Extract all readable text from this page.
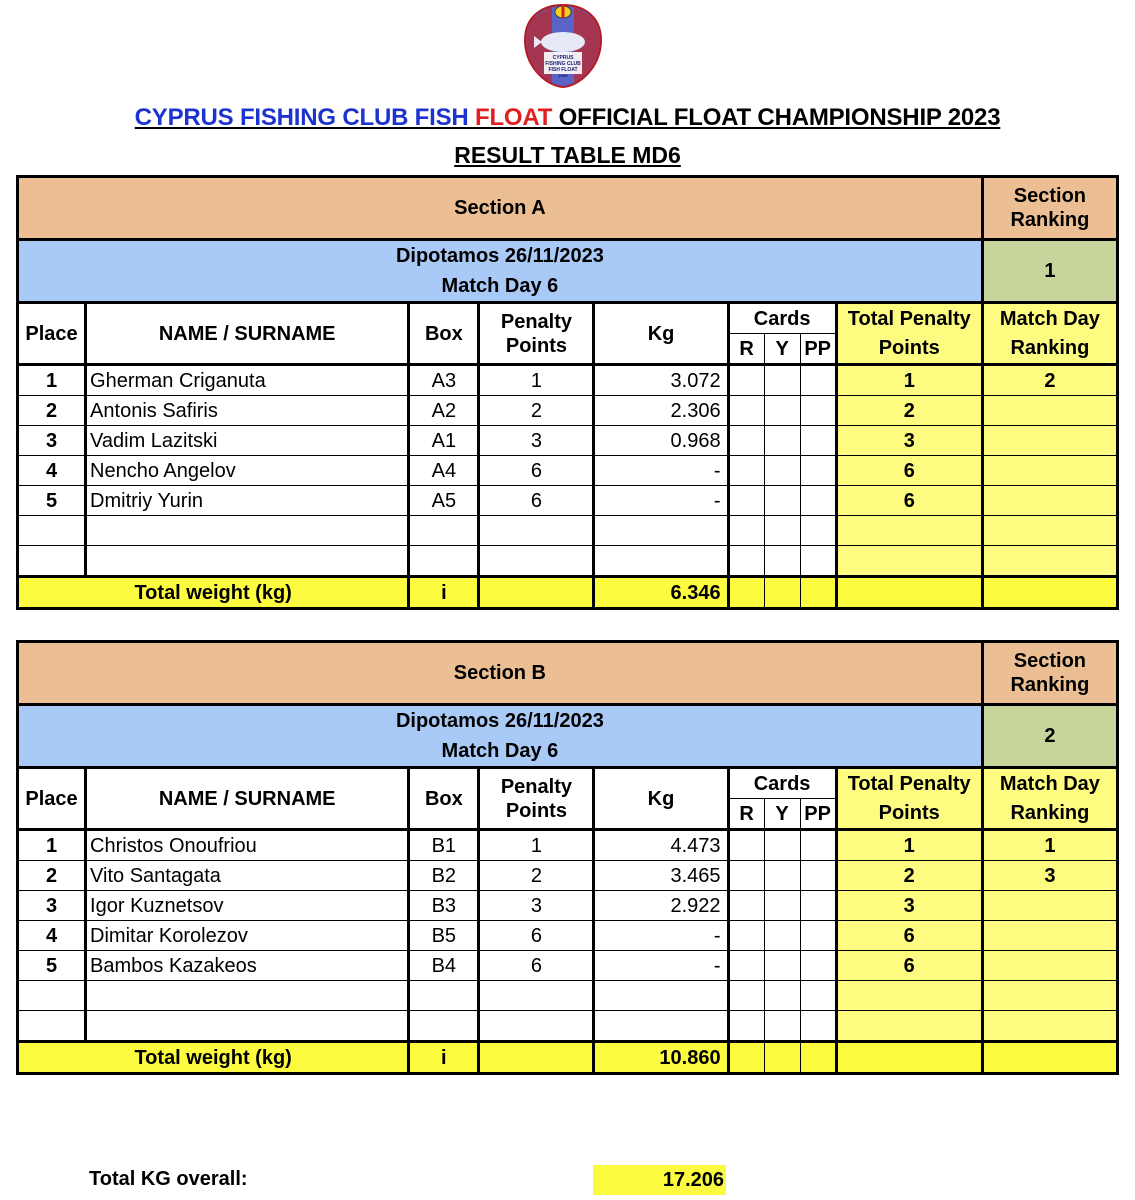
CYPRUS
FISHING CLUB
FISH FLOAT
2009
CYPRUS FISHING CLUB FISH FLOAT OFFICIAL FLOAT CHAMPIONSHIP 2023
RESULT TABLE MD6
Section A									Section
Ranking

Dipotamos 26/11/2023
Match Day 6									1
Place	NAME / SURNAME	Box	Penalty
Points	Kg	Cards			Total Penalty	Match Day
					R	Y	PP	Points	Ranking
1	Gherman Criganuta	A3	1	3.072				1	2
2	Antonis Safiris	A2	2	2.306				2	
3	Vadim Lazitski	A1	3	0.968				3	
4	Nencho Angelov	A4	6	-				6	
5	Dmitriy Yurin	A5	6	-				6	

Total weight (kg)		i		6.346					
Section B									Section
Ranking

Dipotamos 26/11/2023
Match Day 6									2
Place	NAME / SURNAME	Box	Penalty
Points	Kg	Cards			Total Penalty	Match Day
					R	Y	PP	Points	Ranking
1	Christos Onoufriou	B1	1	4.473				1	1
2	Vito Santagata	B2	2	3.465				2	3
3	Igor Kuznetsov	B3	3	2.922				3	
4	Dimitar Korolezov	B5	6	-				6	
5	Bambos Kazakeos	B4	6	-				6	

Total weight (kg)		i		10.860					
Total KG overall:	17.206
